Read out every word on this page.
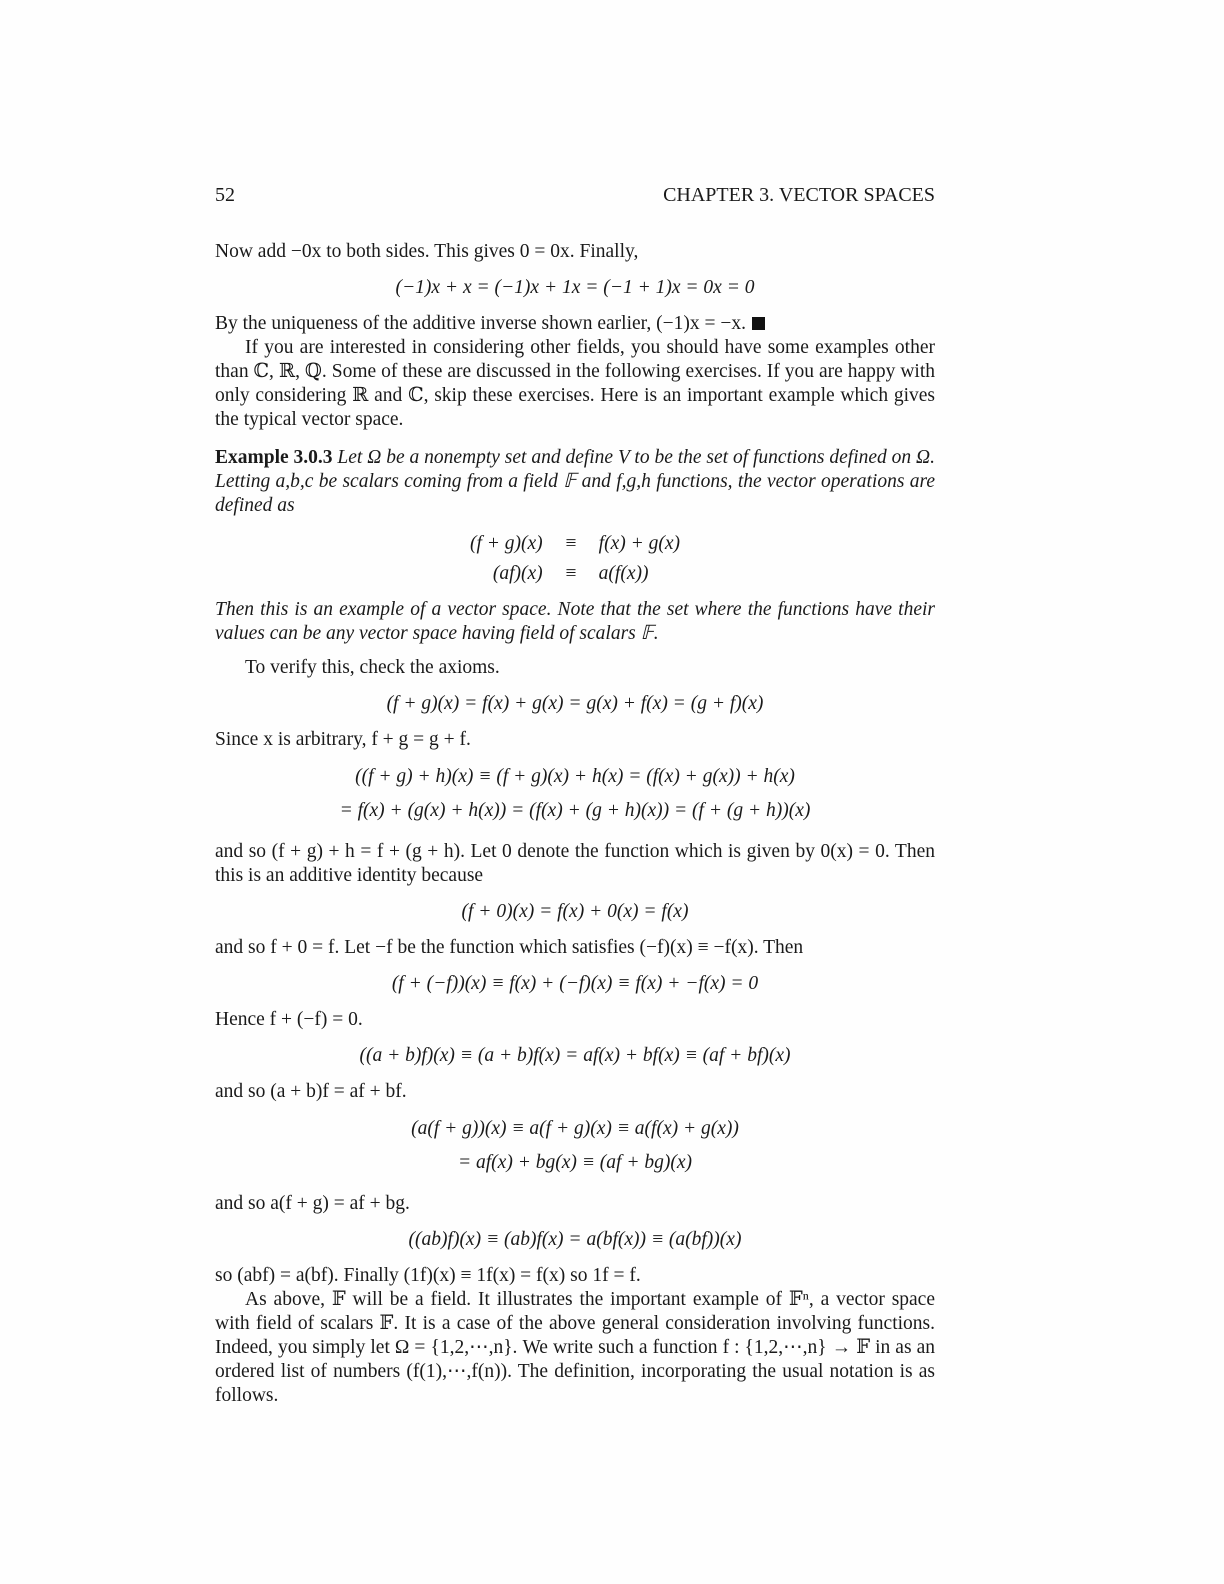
52	CHAPTER 3. VECTOR SPACES

Now add −0x to both sides. This gives 0 = 0x. Finally,

(−1)x + x = (−1)x + 1x = (−1 + 1)x = 0x = 0

By the uniqueness of the additive inverse shown earlier, (−1)x = −x.

If you are interested in considering other fields, you should have some examples other than ℂ, ℝ, ℚ. Some of these are discussed in the following exercises. If you are happy with only considering ℝ and ℂ, skip these exercises. Here is an important example which gives the typical vector space.

Example 3.0.3 Let Ω be a nonempty set and define V to be the set of functions defined on Ω. Letting a,b,c be scalars coming from a field 𝔽 and f,g,h functions, the vector operations are defined as
(f + g)(x)	≡	f(x) + g(x)
(af)(x)	≡	a(f(x))

Then this is an example of a vector space. Note that the set where the functions have their values can be any vector space having field of scalars 𝔽.

To verify this, check the axioms.

(f + g)(x) = f(x) + g(x) = g(x) + f(x) = (g + f)(x)

Since x is arbitrary, f + g = g + f.

((f + g) + h)(x) ≡ (f + g)(x) + h(x) = (f(x) + g(x)) + h(x)
= f(x) + (g(x) + h(x)) = (f(x) + (g + h)(x)) = (f + (g + h))(x)

and so (f + g) + h = f + (g + h). Let 0 denote the function which is given by 0(x) = 0. Then this is an additive identity because

(f + 0)(x) = f(x) + 0(x) = f(x)

and so f + 0 = f. Let −f be the function which satisfies (−f)(x) ≡ −f(x). Then

(f + (−f))(x) ≡ f(x) + (−f)(x) ≡ f(x) + −f(x) = 0

Hence f + (−f) = 0.

((a + b)f)(x) ≡ (a + b)f(x) = af(x) + bf(x) ≡ (af + bf)(x)

and so (a + b)f = af + bf.

(a(f + g))(x) ≡ a(f + g)(x) ≡ a(f(x) + g(x))
= af(x) + bg(x) ≡ (af + bg)(x)

and so a(f + g) = af + bg.

((ab)f)(x) ≡ (ab)f(x) = a(bf(x)) ≡ (a(bf))(x)

so (abf) = a(bf). Finally (1f)(x) ≡ 1f(x) = f(x) so 1f = f.

As above, 𝔽 will be a field. It illustrates the important example of 𝔽ⁿ, a vector space with field of scalars 𝔽. It is a case of the above general consideration involving functions. Indeed, you simply let Ω = {1,2,⋯,n}. We write such a function f : {1,2,⋯,n} → 𝔽 in as an ordered list of numbers (f(1),⋯,f(n)). The definition, incorporating the usual notation is as follows.
